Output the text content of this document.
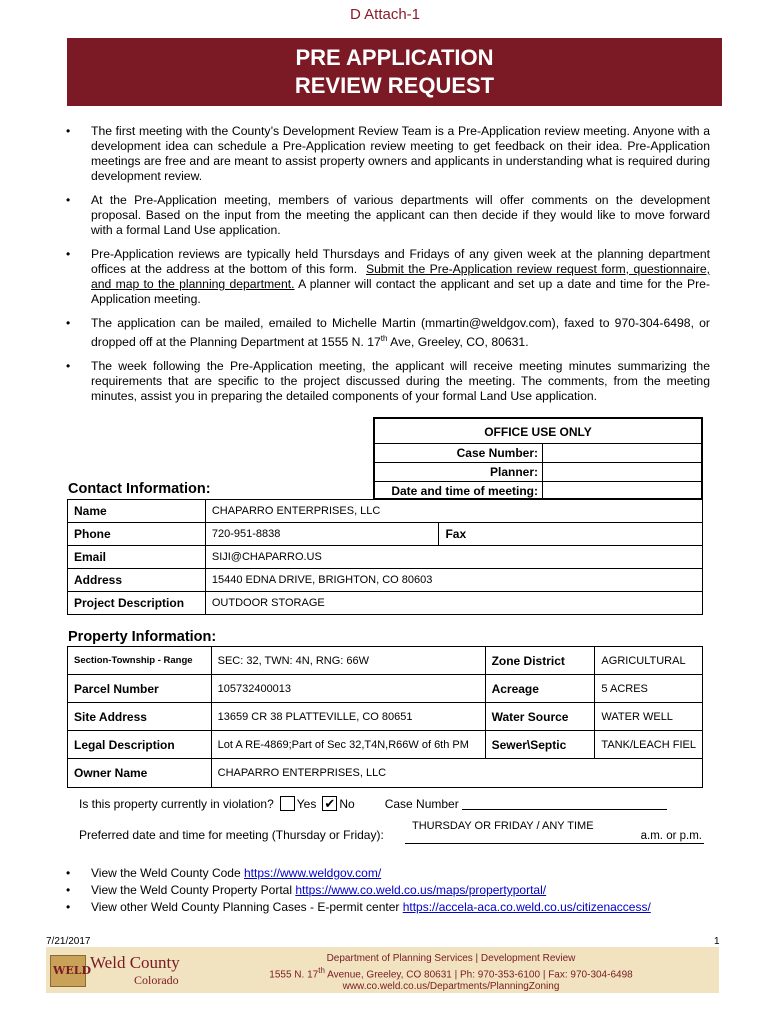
D Attach-1
PRE APPLICATION
REVIEW REQUEST
• The first meeting with the County’s Development Review Team is a Pre-Application review meeting. Anyone with a development idea can schedule a Pre-Application review meeting to get feedback on their idea. Pre-Application meetings are free and are meant to assist property owners and applicants in understanding what is required during development review.
• At the Pre-Application meeting, members of various departments will offer comments on the development proposal. Based on the input from the meeting the applicant can then decide if they would like to move forward with a formal Land Use application.
• Pre-Application reviews are typically held Thursdays and Fridays of any given week at the planning department offices at the address at the bottom of this form. Submit the Pre-Application review request form, questionnaire, and map to the planning department. A planner will contact the applicant and set up a date and time for the Pre-Application meeting.
• The application can be mailed, emailed to Michelle Martin (mmartin@weldgov.com), faxed to 970-304-6498, or dropped off at the Planning Department at 1555 N. 17th Ave, Greeley, CO, 80631.
• The week following the Pre-Application meeting, the applicant will receive meeting minutes summarizing the requirements that are specific to the project discussed during the meeting. The comments, from the meeting minutes, assist you in preparing the detailed components of your formal Land Use application.
OFFICE USE ONLY
Case Number:
Planner:
Date and time of meeting:
Contact Information:
Name	CHAPARRO ENTERPRISES, LLC	
Phone	720-951-8838	Fax
Email	SIJI@CHAPARRO.US	
Address	15440 EDNA DRIVE, BRIGHTON, CO 80603	
Project Description	OUTDOOR STORAGE	
Property Information:
Section-Township - Range	SEC: 32, TWN: 4N, RNG: 66W	Zone District	AGRICULTURAL
Parcel Number	105732400013	Acreage	5 ACRES
Site Address	13659 CR 38 PLATTEVILLE, CO 80651	Water Source	WATER WELL
Legal Description	Lot A RE-4869;Part of Sec 32,T4N,R66W of 6th PM	Sewer\Septic	TANK/LEACH FIEL
Owner Name	CHAPARRO ENTERPRISES, LLC		
Is this property currently in violation? Yes ✔ No	Case Number
Preferred date and time for meeting (Thursday or Friday):
THURSDAY OR FRIDAY / ANY TIME
a.m. or p.m.
• View the Weld County Code https://www.weldgov.com/
• View the Weld County Property Portal https://www.co.weld.co.us/maps/propertyportal/
• View other Weld County Planning Cases - E-permit center https://accela-aca.co.weld.co.us/citizenaccess/
7/21/2017	1
WELD
Weld County
Colorado
Department of Planning Services | Development Review
1555 N. 17th Avenue, Greeley, CO 80631 | Ph: 970-353-6100 | Fax: 970-304-6498
www.co.weld.co.us/Departments/PlanningZoning
